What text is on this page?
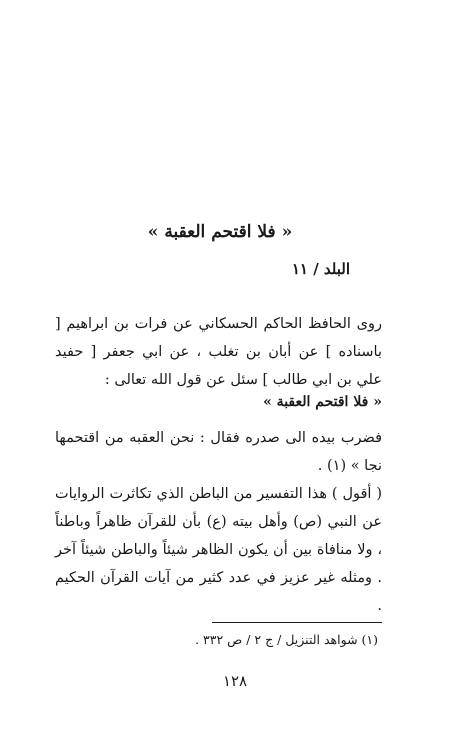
« فلا اقتحم العقبة »
البلد / ١١

روى الحافظ الحاكم الحسكاني عن فرات بن ابراهيم [ باسناده ] عن أبان بن تغلب ، عن ابي جعفر [ حفيد علي بن ابي طالب ] سئل عن قول الله تعالى :

« فلا اقتحم العقبة »

فضرب بيده الى صدره فقال : نحن العقبه من اقتحمها نجا » (١) .

( أقول ) هذا التفسير من الباطن الذي تكاثرت الروايات عن النبي (ص) وأهل بيته (ع) بأن للقرآن ظاهراً وباطناً ، ولا منافاة بين أن يكون الظاهر شيئاً والباطن شيئاً آخر . ومثله غير عزيز في عدد كثير من آيات القرآن الحكيم .

(١) شواهد التنزيل / ج ٢ / ص ٣٣٢ .
١٢٨
